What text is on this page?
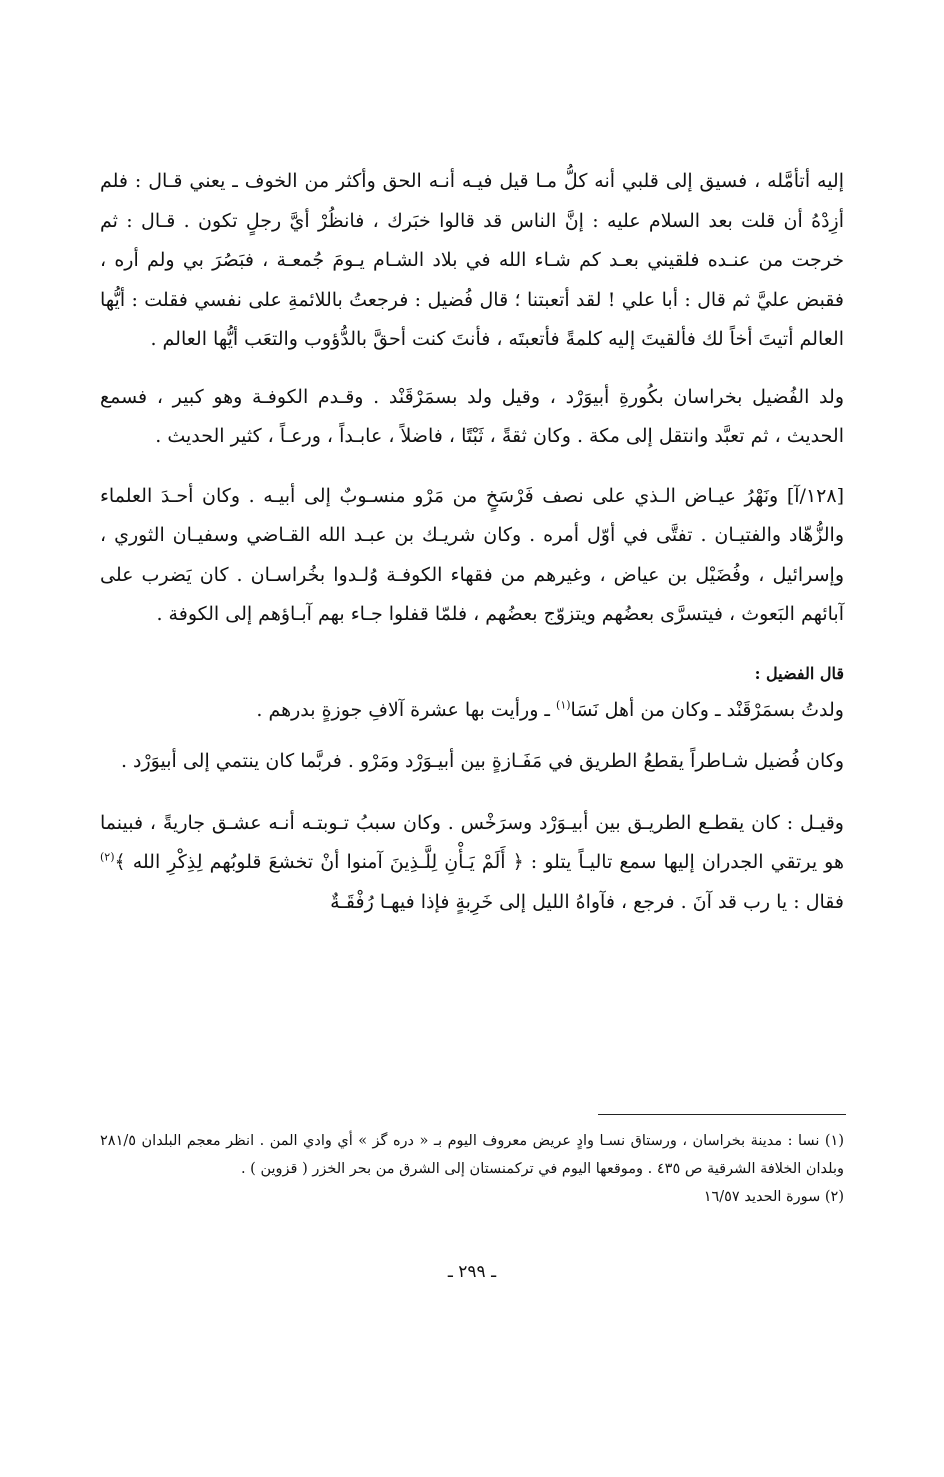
إليه أتأمَّله ، فسيق إلى قلبي أنه كلُّ مـا قيل فيـه أنـه الحق وأكثر من الخوف ـ يعني قـال : فلم أزِدْهُ أن قلت بعد السلام عليه : إنَّ الناس قد قالوا خبَرك ، فانظُرْ أيَّ رجلٍ تكون . قـال : ثم خرجت من عنـده فلقيني بعـد كم شـاء الله في بلاد الشـام يـومَ جُمعـة ، فبَصُرَ بي ولم أره ، فقبض عليَّ ثم قال : أبا علي ! لقد أتعبتنا ؛ قال فُضيل : فرجعتُ باللائمةِ على نفسي فقلت : أيُّها العالم أتيتَ أخاً لك فألقيتَ إليه كلمةً فأتعبتَه ، فأنتَ كنت أحقَّ بالدُّؤوب والتعَب أيُّها العالم .

ولد الفُضيل بخراسان بكُورةِ أبيوَرْد ، وقيل ولد بسمَرْقَنْد . وقـدم الكوفـة وهو كبير ، فسمع الحديث ، ثم تعبَّد وانتقل إلى مكة . وكان ثقةً ، ثَبْتًا ، فاضلاً ، عابـداً ، ورعـاً ، كثير الحديث .

[١٢٨/آ] ونَهْرُ عيـاض الـذي على نصف فَرْسَخٍ من مَرْو منسـوبٌ إلى أبيـه . وكان أحـدَ العلماء والزُّهّاد والفتيـان . تفتَّى في أوّل أمره . وكان شريـك بن عبـد الله القـاضي وسفيـان الثوري ، وإسرائيل ، وفُضَيْل بن عياض ، وغيرهم من فقهاء الكوفـة وُلـدوا بخُراسـان . كان يَضرب على آبائهم البَعوث ، فيتسرَّى بعضُهم ويتزوّج بعضُهم ، فلمّا قفلوا جـاء بهم آبـاؤهم إلى الكوفة .

قال الفضيل :

ولدتُ بسمَرْقَنْد ـ وكان من أهل نَسَا$^{(١)}$ ـ ورأيت بها عشرة آلافِ جوزةٍ بدرهم .

وكان فُضيل شـاطراً يقطعُ الطريق في مَفَـازةٍ بين أبيـوَرْد ومَرْو . فربَّما كان ينتمي إلى أبيوَرْد .

وقيـل : كان يقطـع الطريـق بين أبيـوَرْد وسرَخْس . وكان سببُ تـوبتـه أنـه عشـق جاريةً ، فبينما هو يرتقي الجدران إليها سمع تاليـاً يتلو : ﴿ أَلَمْ يَـأْنِ لِلَّـذِينَ آمنوا أنْ تخشعَ قلوبُهم لِذِكْرِ الله ﴾$^{(٢)}$ فقال : يا رب قد آنَ . فرجع ، فآواهُ الليل إلى خَرِبةٍ فإذا فيهـا رُفْقَـةٌ

(١) نسا : مدينة بخراسان ، ورستاق نسـا وادٍ عريض معروف اليوم بـ « دره گز » أي وادي المن . انظر معجم البلدان ٢٨١/٥ وبلدان الخلافة الشرقية ص ٤٣٥ . وموقعها اليوم في تركمنستان إلى الشرق من بحر الخزر ( قزوين ) .

(٢) سورة الحديد ١٦/٥٧

ـ ٢٩٩ ـ
